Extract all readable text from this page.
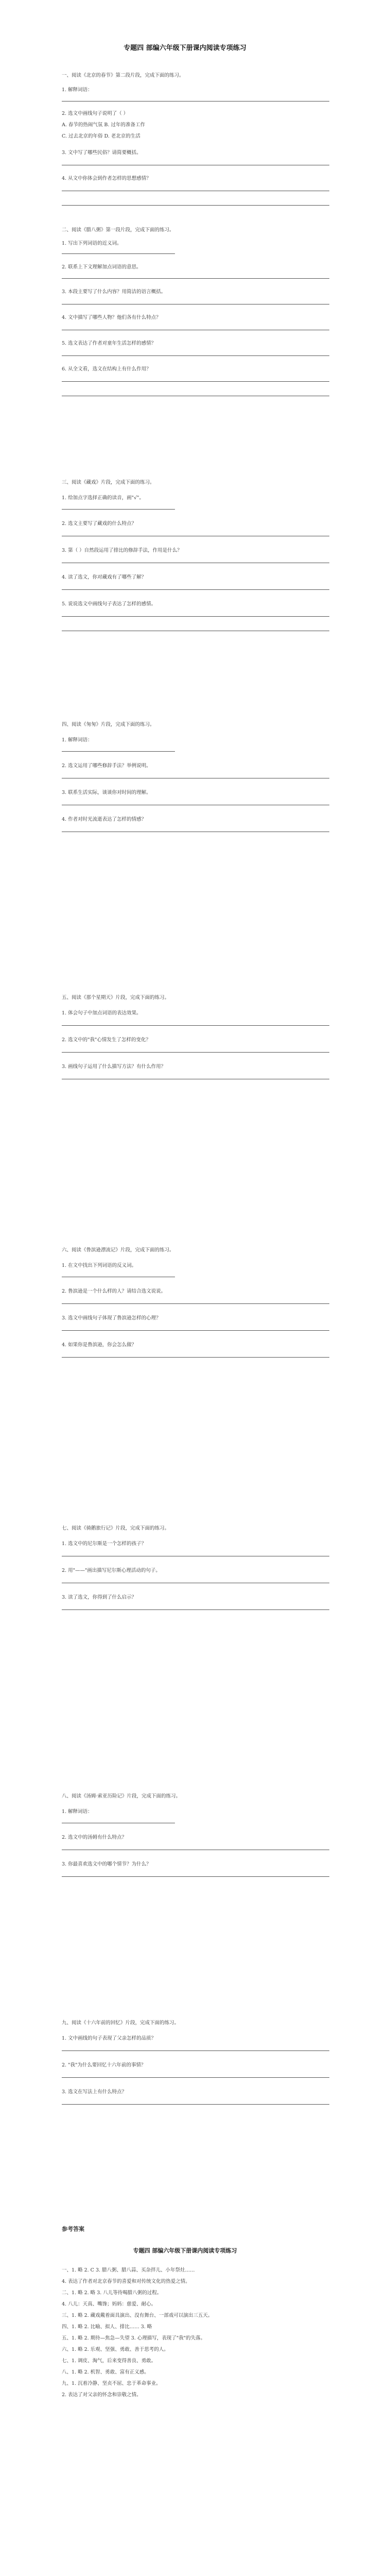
专题四 部编六年级下册课内阅读专项练习
一、阅读《北京的春节》第二段片段，完成下面的练习。
1. 解释词语：
2. 选文中画线句子说明了（ ）
A. 春节的热闹气氛 B. 过年的准备工作
C. 过去北京的年俗 D. 老北京的生活
3. 文中写了哪些民俗？请简要概括。
4. 从文中你体会到作者怎样的思想感情？
二、阅读《腊八粥》第一段片段，完成下面的练习。
1. 写出下列词语的近义词。
2. 联系上下文理解加点词语的意思。
3. 本段主要写了什么内容？用简洁的语言概括。
4. 文中描写了哪些人物？他们各有什么特点？
5. 选文表达了作者对童年生活怎样的感情？
6. 从全文看，选文在结构上有什么作用？
三、阅读《藏戏》片段，完成下面的练习。
1. 给加点字选择正确的读音，画"√"。
2. 选文主要写了藏戏的什么特点？
3. 第（ ）自然段运用了排比的修辞手法，作用是什么？
4. 读了选文，你对藏戏有了哪些了解？
5. 说说选文中画线句子表达了怎样的感情。
四、阅读《匆匆》片段，完成下面的练习。
1. 解释词语：
2. 选文运用了哪些修辞手法？举例说明。
3. 联系生活实际，谈谈你对时间的理解。
4. 作者对时光流逝表达了怎样的情感？
五、阅读《那个星期天》片段，完成下面的练习。
1. 体会句子中加点词语的表达效果。
2. 选文中的"我"心情发生了怎样的变化？
3. 画线句子运用了什么描写方法？有什么作用？
六、阅读《鲁滨逊漂流记》片段，完成下面的练习。
1. 在文中找出下列词语的反义词。
2. 鲁滨逊是一个什么样的人？请结合选文说说。
3. 选文中画线句子体现了鲁滨逊怎样的心理？
4. 如果你是鲁滨逊，你会怎么做？
七、阅读《骑鹅旅行记》片段，完成下面的练习。
1. 选文中的尼尔斯是一个怎样的孩子？
2. 用"——"画出描写尼尔斯心理活动的句子。
3. 读了选文，你得到了什么启示？
八、阅读《汤姆·索亚历险记》片段，完成下面的练习。
1. 解释词语：
2. 选文中的汤姆有什么特点？
3. 你最喜欢选文中的哪个情节？为什么？
九、阅读《十六年前的回忆》片段，完成下面的练习。
1. 文中画线的句子表现了父亲怎样的品质？
2. "我"为什么要回忆十六年前的事情？
3. 选文在写法上有什么特点？
参考答案
专题四 部编六年级下册课内阅读专项练习
一、1. 略 2. C 3. 腊八粥、腊八蒜、买杂拌儿、小年祭灶……
4. 表达了作者对北京春节的喜爱和对传统文化的热爱之情。
二、1. 略 2. 略 3. 八儿等待喝腊八粥的过程。
4. 八儿：天真、嘴馋；妈妈：慈爱、耐心。
三、1. 略 2. 藏戏戴着面具演出、没有舞台、一部戏可以演出三五天。
四、1. 略 2. 比喻、拟人、排比…… 3. 略
五、1. 略 2. 期待—焦急—失望 3. 心理描写，表现了"我"的失落。
六、1. 略 2. 乐观、坚强、勇敢、善于思考的人。
七、1. 调皮、淘气，后来变得善良、勇敢。
八、1. 略 2. 机智、勇敢、富有正义感。
九、1. 沉着冷静、坚贞不屈、忠于革命事业。
2. 表达了对父亲的怀念和崇敬之情。
